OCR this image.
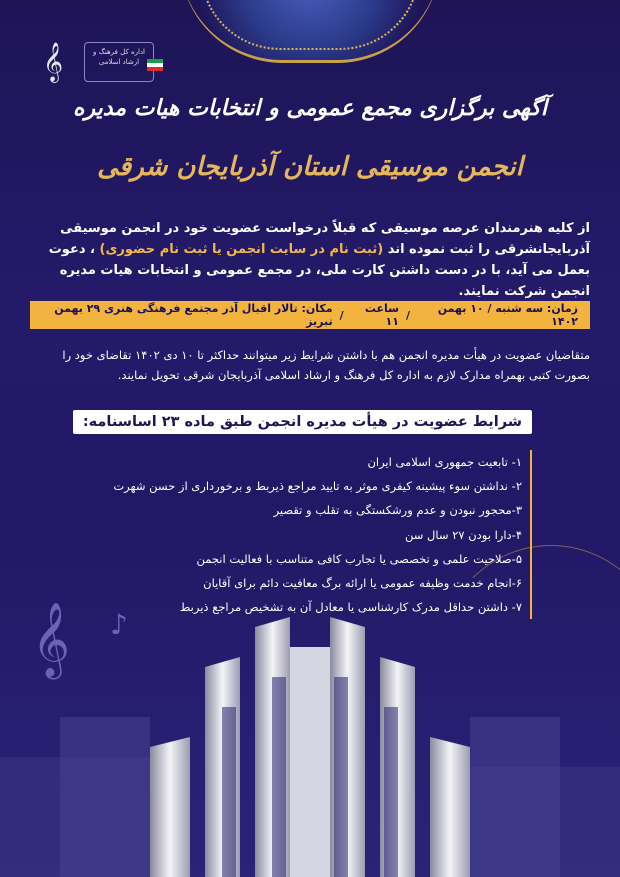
𝄞	اداره کل فرهنگ و ارشاد اسلامی
آگهی برگزاری مجمع عمومی و انتخابات هیات مدیره
انجمن موسیقی استان آذربایجان شرقی
از کلیه هنرمندان عرصه موسیقی که قبلاً درخواست عضویت خود در انجمن موسیقی آذربایجانشرقی را ثبت نموده اند (ثبت نام در سایت انجمن یا ثبت نام حضوری) ، دعوت بعمل می آید، با در دست داشتن کارت ملی، در مجمع عمومی و انتخابات هیات مدیره انجمن شرکت نمایند.
زمان: سه شنبه / ۱۰ بهمن ۱۴۰۲
/
ساعت ۱۱
/
مکان: تالار اقبال آذر مجتمع فرهنگی هنری ۲۹ بهمن تبریز
متقاضیان عضویت در هیأت مدیره انجمن هم با داشتن شرایط زیر میتوانند حداکثر تا ۱۰ دی ۱۴۰۲ تقاضای خود را بصورت کتبی بهمراه مدارک لازم به اداره کل فرهنگ و ارشاد اسلامی آذربایجان شرقی تحویل نمایند.
شرایط عضویت در هیأت مدیره انجمن طبق ماده ۲۳ اساسنامه:
۱- تابعیت جمهوری اسلامی ایران
۲- نداشتن سوء پیشینه کیفری موثر به تایید مراجع ذیربط و برخورداری از حسن شهرت
۳-محجور نبودن و عدم ورشکستگی به تقلب و تقصیر
۴-دارا بودن ۲۷ سال سن
۵-صلاحیت علمی و تخصصی یا تجارب کافی متناسب با فعالیت انجمن
۶-انجام خدمت وظیفه عمومی یا ارائه برگ معافیت دائم برای آقایان
۷- داشتن حداقل مدرک کارشناسی یا معادل آن به تشخیص مراجع ذیربط
𝄞 ♪
